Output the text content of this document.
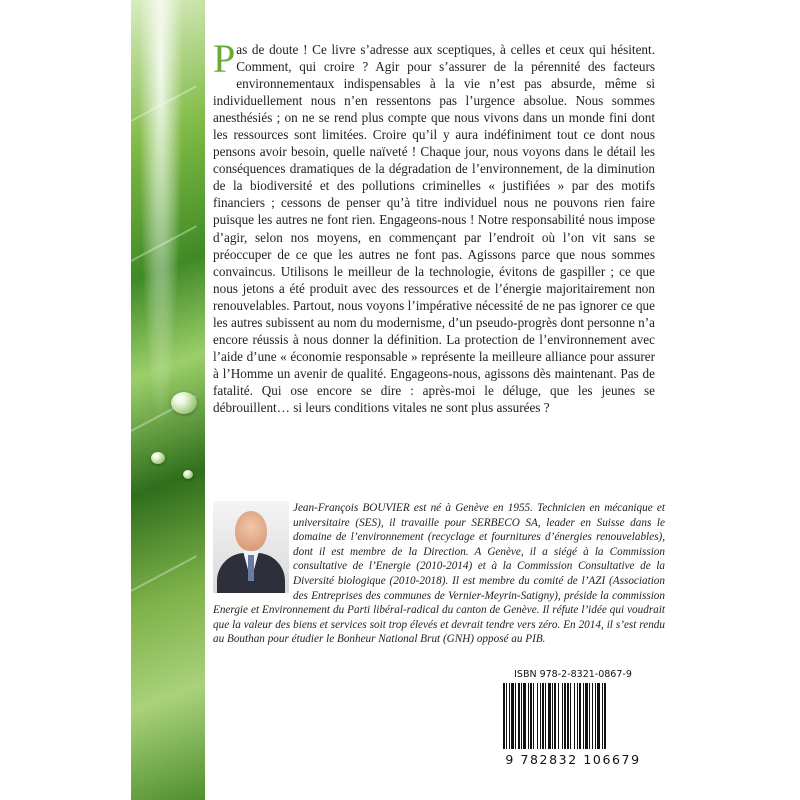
Pas de doute ! Ce livre s’adresse aux sceptiques, à celles et ceux qui hésitent. Comment, qui croire ? Agir pour s’assurer de la pérennité des facteurs environnementaux indispensables à la vie n’est pas absurde, même si individuellement nous n’en ressentons pas l’urgence absolue. Nous sommes anesthésiés ; on ne se rend plus compte que nous vivons dans un monde fini dont les ressources sont limitées. Croire qu’il y aura indéfiniment tout ce dont nous pensons avoir besoin, quelle naïveté ! Chaque jour, nous voyons dans le détail les conséquences dramatiques de la dégradation de l’environnement, de la diminution de la biodiversité et des pollutions criminelles « justifiées » par des motifs financiers ; cessons de penser qu’à titre individuel nous ne pouvons rien faire puisque les autres ne font rien. Engageons-nous ! Notre responsabilité nous impose d’agir, selon nos moyens, en commençant par l’endroit où l’on vit sans se préoccuper de ce que les autres ne font pas. Agissons parce que nous sommes convaincus. Utilisons le meilleur de la technologie, évitons de gaspiller ; ce que nous jetons a été produit avec des ressources et de l’énergie majoritairement non renouvelables. Partout, nous voyons l’impérative nécessité de ne pas ignorer ce que les autres subissent au nom du modernisme, d’un pseudo-progrès dont personne n’a encore réussis à nous donner la définition. La protection de l’environnement avec l’aide d’une « économie responsable » représente la meilleure alliance pour assurer à l’Homme un avenir de qualité. Engageons-nous, agissons dès maintenant. Pas de fatalité. Qui ose encore se dire : après-moi le déluge, que les jeunes se débrouillent… si leurs conditions vitales ne sont plus assurées ?

Jean-François BOUVIER est né à Genève en 1955. Technicien en mécanique et universitaire (SES), il travaille pour SERBECO SA, leader en Suisse dans le domaine de l’environnement (recyclage et fournitures d’énergies renouvelables), dont il est membre de la Direction. A Genève, il a siégé à la Commission consultative de l’Energie (2010-2014) et à la Commission Consultative de la Diversité biologique (2010-2018). Il est membre du comité de l’AZI (Association des Entreprises des communes de Vernier-Meyrin-Satigny), préside la commission Energie et Environnement du Parti libéral-radical du canton de Genève. Il réfute l’idée qui voudrait que la valeur des biens et services soit trop élevés et devrait tendre vers zéro. En 2014, il s’est rendu au Bouthan pour étudier le Bonheur National Brut (GNH) opposé au PIB.

ISBN 978-2-8321-0867-9
9 782832 106679
